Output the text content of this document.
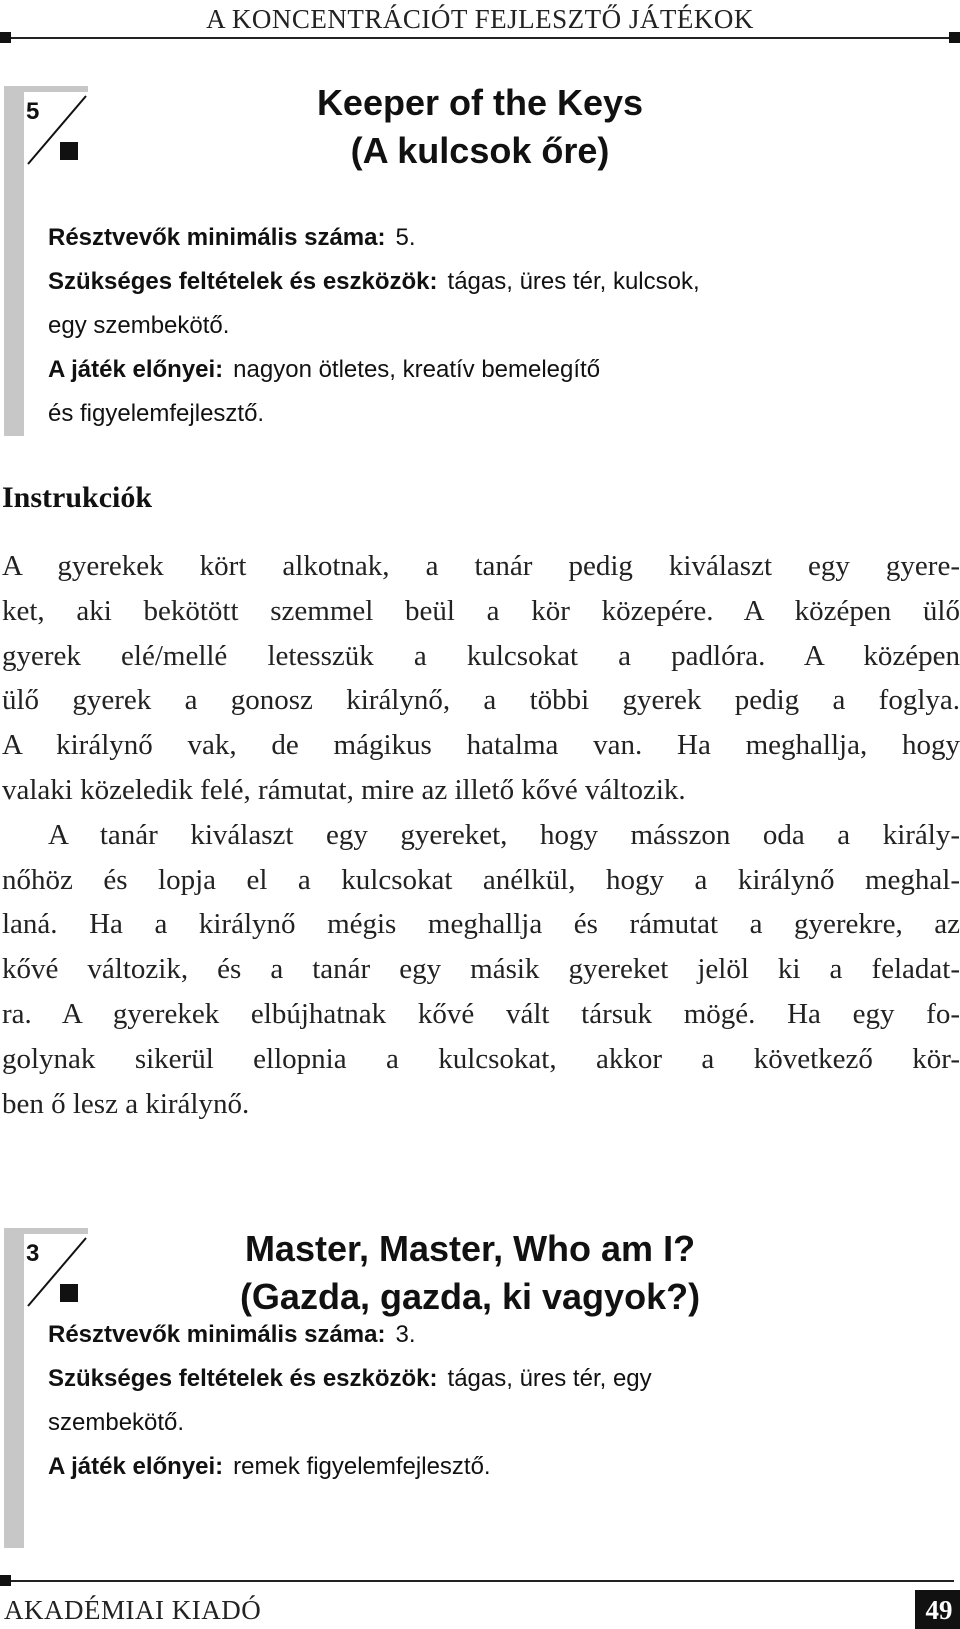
A KONCENTRÁCIÓT FEJLESZTŐ JÁTÉKOK
5	Keeper of the Keys
(A kulcsok őre)
Résztvevők minimális száma: 5.
Szükséges feltételek és eszközök: tágas, üres tér, kulcsok,
egy szembekötő.
A játék előnyei: nagyon ötletes, kreatív bemelegítő
és figyelemfejlesztő.
Instrukciók
A gyerekek kört alkotnak, a tanár pedig kiválaszt egy gyere-
ket, aki bekötött szemmel beül a kör közepére. A középen ülő
gyerek elé/mellé letesszük a kulcsokat a padlóra. A középen
ülő gyerek a gonosz királynő, a többi gyerek pedig a foglya.
A királynő vak, de mágikus hatalma van. Ha meghallja, hogy
valaki közeledik felé, rámutat, mire az illető kővé változik.
A tanár kiválaszt egy gyereket, hogy másszon oda a király-
nőhöz és lopja el a kulcsokat anélkül, hogy a királynő meghal-
laná. Ha a királynő mégis meghallja és rámutat a gyerekre, az
kővé változik, és a tanár egy másik gyereket jelöl ki a feladat-
ra. A gyerekek elbújhatnak kővé vált társuk mögé. Ha egy fo-
golynak sikerül ellopnia a kulcsokat, akkor a következő kör-
ben ő lesz a királynő.
3	Master, Master, Who am I?
(Gazda, gazda, ki vagyok?)
Résztvevők minimális száma: 3.
Szükséges feltételek és eszközök: tágas, üres tér, egy
szembekötő.
A játék előnyei: remek figyelemfejlesztő.
AKADÉMIAI KIADÓ	49
